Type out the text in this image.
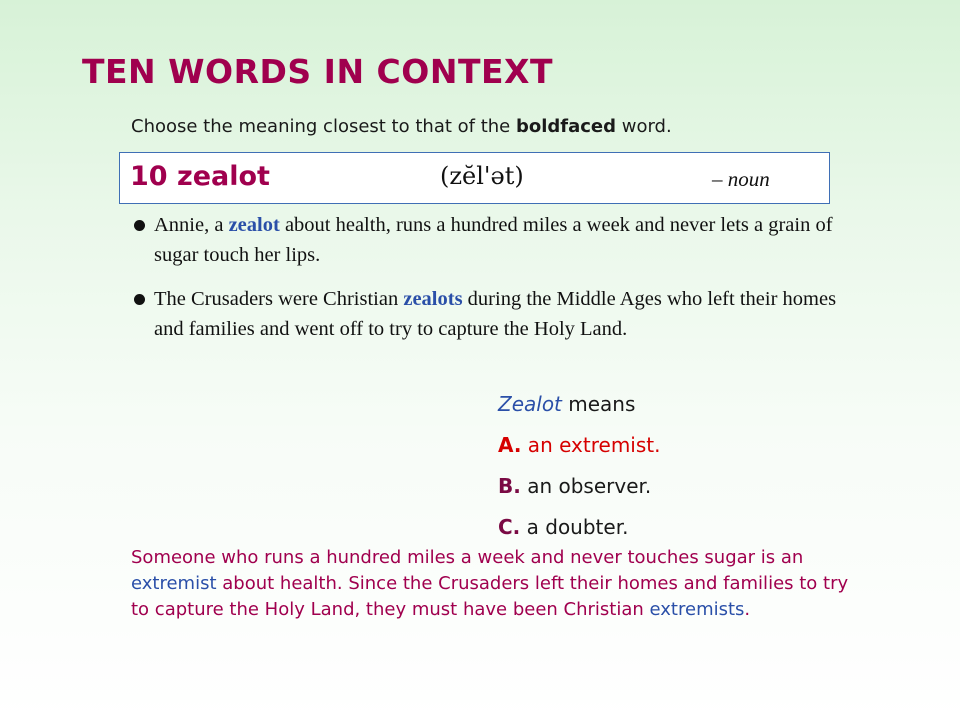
TEN WORDS IN CONTEXT
Choose the meaning closest to that of the boldfaced word.
10 zealot	(zĕl'ət)	– noun
Annie, a zealot about health, runs a hundred miles a week and never lets a grain of sugar touch her lips.
The Crusaders were Christian zealots during the Middle Ages who left their homes and families and went off to try to capture the Holy Land.
Zealot means
A. an extremist.
B. an observer.
C. a doubter.
Someone who runs a hundred miles a week and never touches sugar is an extremist about health. Since the Crusaders left their homes and families to try to capture the Holy Land, they must have been Christian extremists.
